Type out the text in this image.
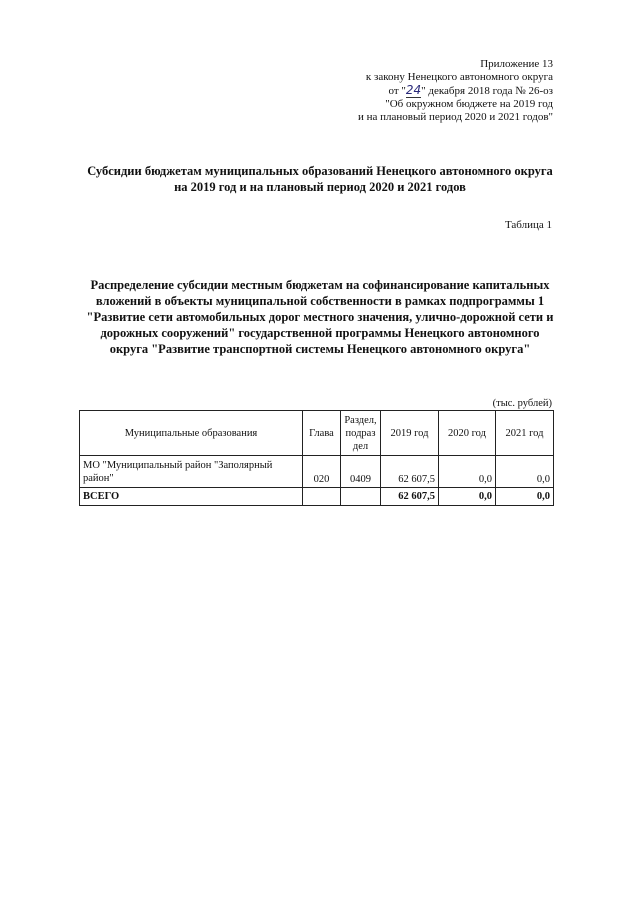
Приложение 13
к закону Ненецкого автономного округа
от "24" декабря 2018 года № 26-оз
"Об окружном бюджете на 2019 год
и на плановый период 2020 и 2021 годов"
Субсидии бюджетам муниципальных образований Ненецкого автономного округа
на 2019 год и на плановый период 2020 и 2021 годов
Таблица 1
Распределение субсидии местным бюджетам на софинансирование капитальных
вложений в объекты муниципальной собственности в рамках подпрограммы 1
"Развитие сети автомобильных дорог местного значения, улично-дорожной сети и
дорожных сооружений" государственной программы Ненецкого автономного
округа "Развитие транспортной системы Ненецкого автономного округа"
(тыс. рублей)
Муниципальные образования	Глава	Раздел,
подраз
дел	2019 год	2020 год	2021 год

МО "Муниципальный район "Заполярный
район"	020	0409	62 607,5	0,0	0,0
ВСЕГО			62 607,5	0,0	0,0
